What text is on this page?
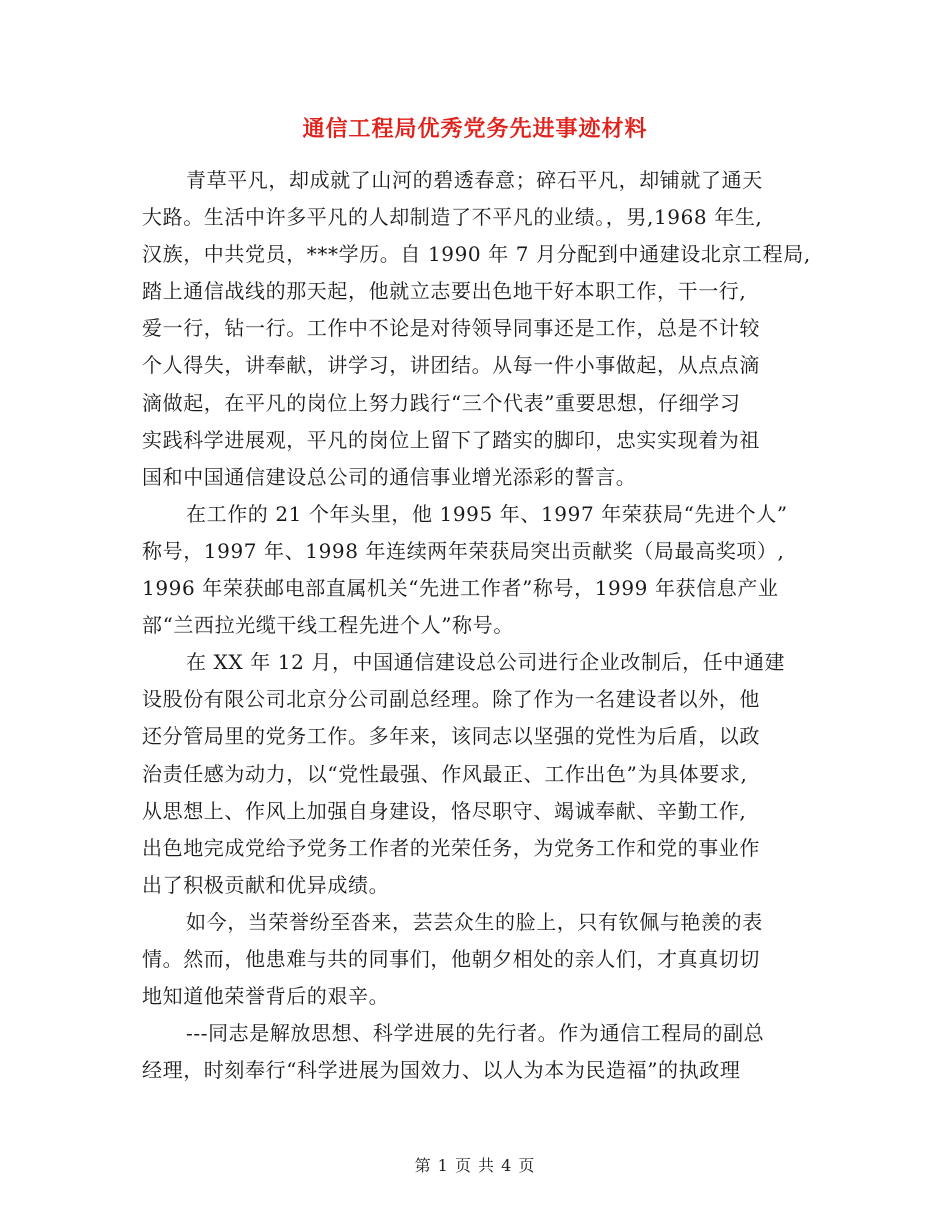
通信工程局优秀党务先进事迹材料
青草平凡，却成就了山河的碧透春意；碎石平凡，却铺就了通天
大路。生活中许多平凡的人却制造了不平凡的业绩。，男,1968 年生,
汉族，中共党员，***学历。自 1990 年 7 月分配到中通建设北京工程局,
踏上通信战线的那天起，他就立志要出色地干好本职工作，干一行,
爱一行，钻一行。工作中不论是对待领导同事还是工作，总是不计较
个人得失，讲奉献，讲学习，讲团结。从每一件小事做起，从点点滴
滴做起，在平凡的岗位上努力践行“三个代表”重要思想，仔细学习
实践科学进展观，平凡的岗位上留下了踏实的脚印，忠实实现着为祖
国和中国通信建设总公司的通信事业增光添彩的誓言。
在工作的 21 个年头里，他 1995 年、1997 年荣获局“先进个人”
称号，1997 年、1998 年连续两年荣获局突出贡献奖（局最高奖项）,
1996 年荣获邮电部直属机关“先进工作者”称号，1999 年获信息产业
部“兰西拉光缆干线工程先进个人”称号。
在 XX 年 12 月，中国通信建设总公司进行企业改制后，任中通建
设股份有限公司北京分公司副总经理。除了作为一名建设者以外，他
还分管局里的党务工作。多年来，该同志以坚强的党性为后盾，以政
治责任感为动力，以“党性最强、作风最正、工作出色”为具体要求,
从思想上、作风上加强自身建设，恪尽职守、竭诚奉献、辛勤工作,
出色地完成党给予党务工作者的光荣任务，为党务工作和党的事业作
出了积极贡献和优异成绩。
如今，当荣誉纷至沓来，芸芸众生的脸上，只有钦佩与艳羡的表
情。然而，他患难与共的同事们，他朝夕相处的亲人们，才真真切切
地知道他荣誉背后的艰辛。
---同志是解放思想、科学进展的先行者。作为通信工程局的副总
经理，时刻奉行“科学进展为国效力、以人为本为民造福”的执政理
第 1 页 共 4 页
